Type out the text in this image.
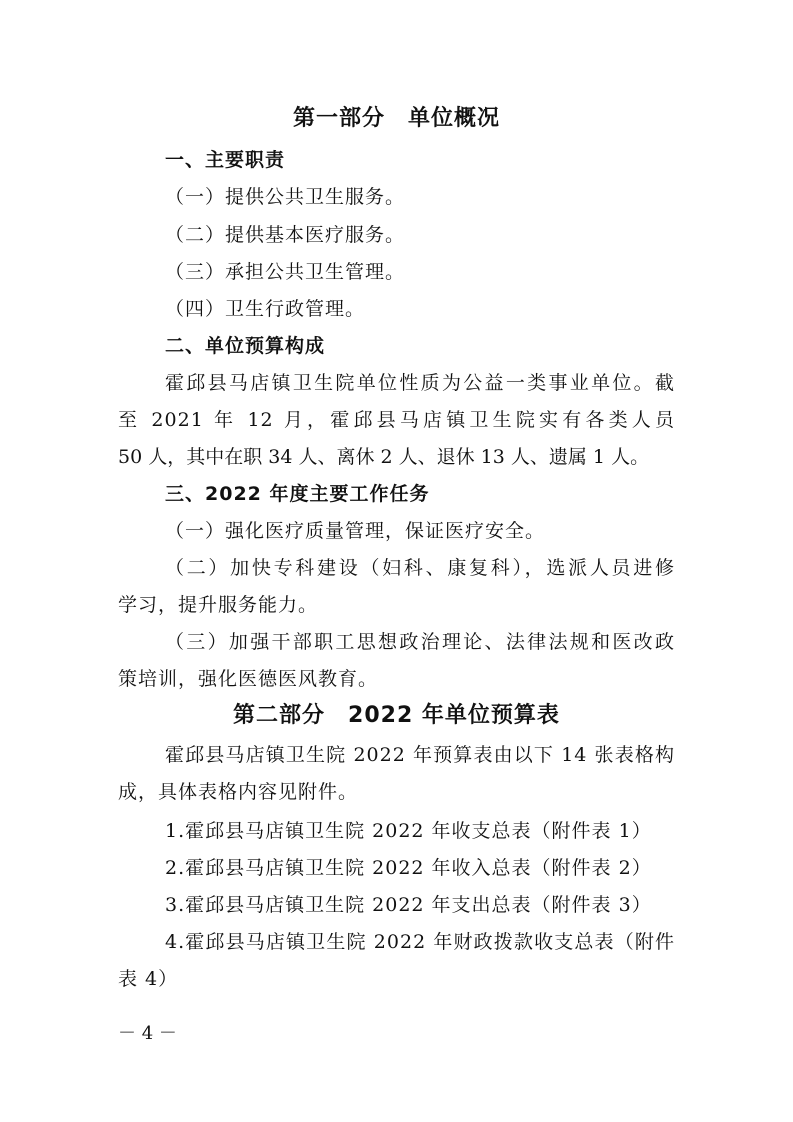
第一部分　单位概况
一、主要职责
（一）提供公共卫生服务。
（二）提供基本医疗服务。
（三）承担公共卫生管理。
（四）卫生行政管理。
二、单位预算构成
霍邱县马店镇卫生院单位性质为公益一类事业单位。截
至 2021 年 12 月，霍邱县马店镇卫生院实有各类人员
50 人，其中在职 34 人、离休 2 人、退休 13 人、遗属 1 人。
三、2022 年度主要工作任务
（一）强化医疗质量管理，保证医疗安全。
（二）加快专科建设（妇科、康复科），选派人员进修
学习，提升服务能力。
（三）加强干部职工思想政治理论、法律法规和医改政
策培训，强化医德医风教育。
第二部分　2022 年单位预算表
霍邱县马店镇卫生院 2022 年预算表由以下 14 张表格构
成，具体表格内容见附件。
1.霍邱县马店镇卫生院 2022 年收支总表（附件表 1）
2.霍邱县马店镇卫生院 2022 年收入总表（附件表 2）
3.霍邱县马店镇卫生院 2022 年支出总表（附件表 3）
4.霍邱县马店镇卫生院 2022 年财政拨款收支总表（附件
表 4）
－ 4 －
